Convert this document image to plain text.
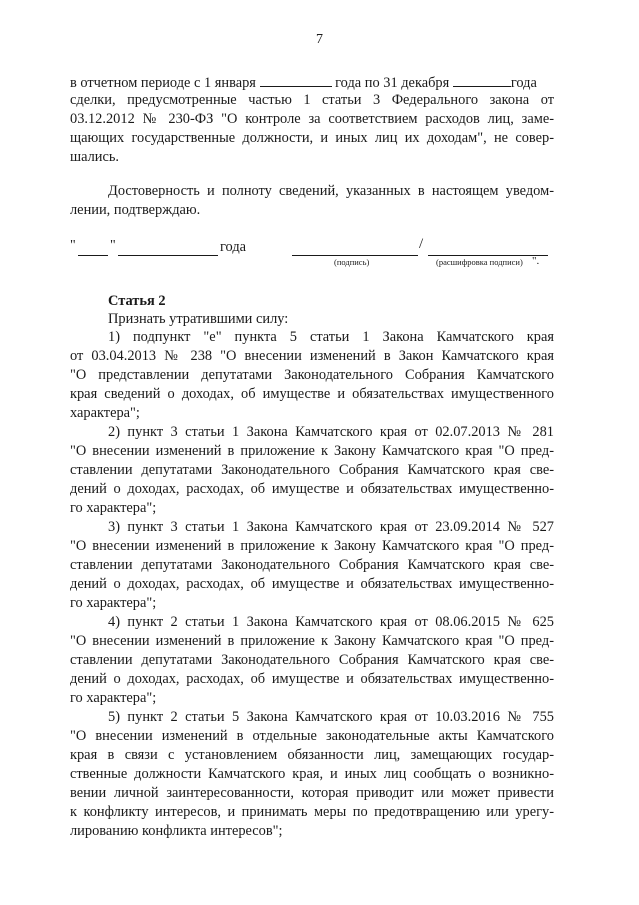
7
в отчетном периоде с 1 января	года по 31 декабря	года
сделки, предусмотренные частью 1 статьи 3 Федерального закона от
03.12.2012 № 230-ФЗ "О контроле за соответствием расходов лиц, заме-
щающих государственные должности, и иных лиц их доходам", не совер-
шались.
Достоверность и полноту сведений, указанных в настоящем уведом-
лении, подтверждаю.
" "	года	/
(подпись)	(расшифровка подписи) ".
Статья 2
Признать утратившими силу:
1) подпункт "е" пункта 5 статьи 1 Закона Камчатского края
от 03.04.2013 № 238 "О внесении изменений в Закон Камчатского края
"О представлении депутатами Законодательного Собрания Камчатского
края сведений о доходах, об имуществе и обязательствах имущественного
характера";
2) пункт 3 статьи 1 Закона Камчатского края от 02.07.2013 № 281
"О внесении изменений в приложение к Закону Камчатского края "О пред-
ставлении депутатами Законодательного Собрания Камчатского края све-
дений о доходах, расходах, об имуществе и обязательствах имущественно-
го характера";
3) пункт 3 статьи 1 Закона Камчатского края от 23.09.2014 № 527
"О внесении изменений в приложение к Закону Камчатского края "О пред-
ставлении депутатами Законодательного Собрания Камчатского края све-
дений о доходах, расходах, об имуществе и обязательствах имущественно-
го характера";
4) пункт 2 статьи 1 Закона Камчатского края от 08.06.2015 № 625
"О внесении изменений в приложение к Закону Камчатского края "О пред-
ставлении депутатами Законодательного Собрания Камчатского края све-
дений о доходах, расходах, об имуществе и обязательствах имущественно-
го характера";
5) пункт 2 статьи 5 Закона Камчатского края от 10.03.2016 № 755
"О внесении изменений в отдельные законодательные акты Камчатского
края в связи с установлением обязанности лиц, замещающих государ-
ственные должности Камчатского края, и иных лиц сообщать о возникно-
вении личной заинтересованности, которая приводит или может привести
к конфликту интересов, и принимать меры по предотвращению или урегу-
лированию конфликта интересов";
